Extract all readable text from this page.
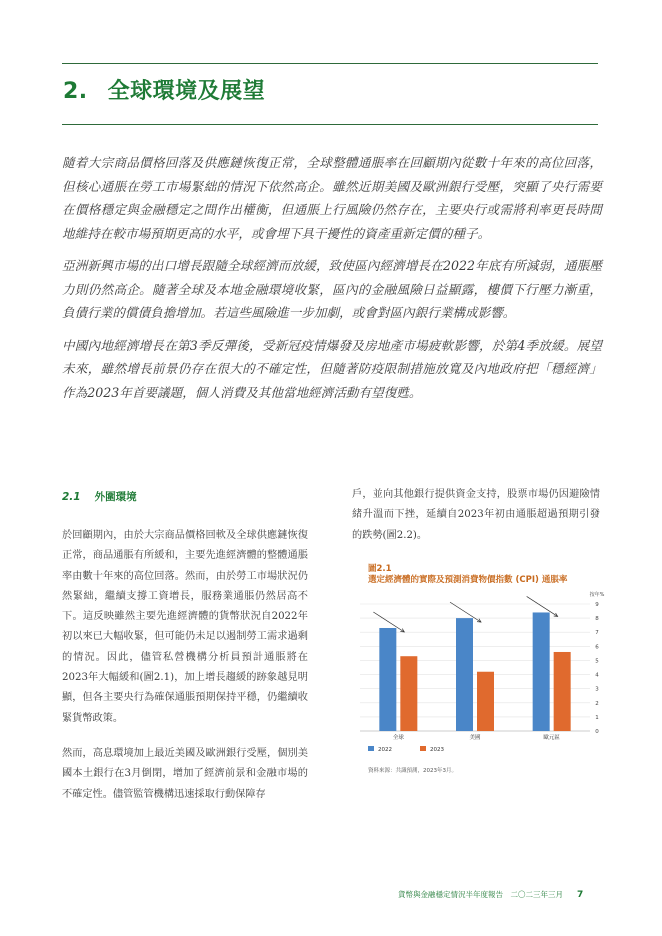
2. 全球環境及展望

隨着大宗商品價格回落及供應鏈恢復正常，全球整體通脹率在回顧期內從數十年來的高位回落，但核心通脹在勞工市場緊絀的情況下依然高企。雖然近期美國及歐洲銀行受壓，突顯了央行需要在價格穩定與金融穩定之間作出權衡，但通脹上行風險仍然存在，主要央行或需將利率更長時間地維持在較市場預期更高的水平，或會埋下具干擾性的資產重新定價的種子。

亞洲新興市場的出口增長跟隨全球經濟而放緩，致使區內經濟增長在2022年底有所減弱，通脹壓力則仍然高企。隨著全球及本地金融環境收緊，區內的金融風險日益顯露，樓價下行壓力漸重，負債行業的償債負擔增加。若這些風險進一步加劇，或會對區內銀行業構成影響。

中國內地經濟增長在第3季反彈後，受新冠疫情爆發及房地產市場疲軟影響，於第4季放緩。展望未來，雖然增長前景仍存在很大的不確定性，但隨著防疫限制措施放寬及內地政府把「穩經濟」作為2023年首要議題，個人消費及其他當地經濟活動有望復甦。

2.1 外圍環境

於回顧期內，由於大宗商品價格回軟及全球供應鏈恢復正常，商品通脹有所緩和，主要先進經濟體的整體通脹率由數十年來的高位回落。然而，由於勞工市場狀況仍然緊絀，繼續支撐工資增長，服務業通脹仍然居高不下。這反映雖然主要先進經濟體的貨幣狀況自2022年初以來已大幅收緊，但可能仍未足以遏制勞工需求過剩的情況。因此，儘管私營機構分析員預計通脹將在2023年大幅緩和(圖2.1)，加上增長趨緩的跡象越見明顯，但各主要央行為確保通脹預期保持平穩，仍繼續收緊貨幣政策。

然而，高息環境加上最近美國及歐洲銀行受壓，個別美國本土銀行在3月倒閉，增加了經濟前景和金融市場的不確定性。儘管監管機構迅速採取行動保障存

戶，並向其他銀行提供資金支持，股票市場仍因避險情緒升溫而下挫，延續自2023年初由通脹超過預期引發的跌勢(圖2.2)。

圖2.1
選定經濟體的實際及預測消費物價指數 (CPI) 通脹率
0
1
2
3
4
5
6
7
8
9
按年%
全球	美國	歐元區
2022	2023
資料來源：共識預測，2023年3月。
貨幣與金融穩定情況半年度報告　二〇二三年三月 7
